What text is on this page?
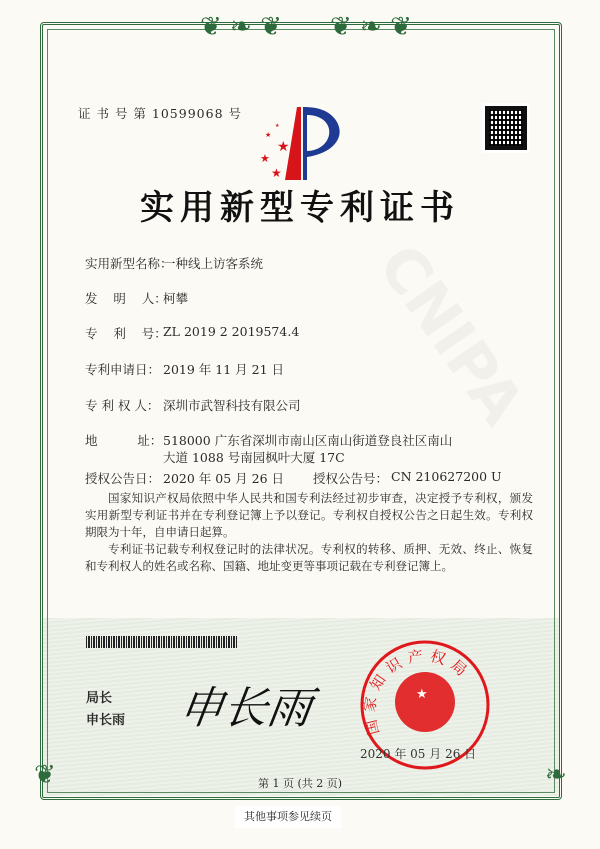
❦ ❧ ❦ ❦ ❧ ❦
❦	❧
证 书 号 第 10599068 号
★
★
★
★
★
实用新型专利证书
实用新型名称：
一种线上访客系统
发    明    人：
柯攀
专    利    号：
ZL 2019 2 2019574.4
专利申请日： 2019 年 11 月 21 日
专 利 权 人： 深圳市武智科技有限公司
地          址： 518000 广东省深圳市南山区南山街道登良社区南山大道 1088 号南园枫叶大厦 17C
授权公告日： 2020 年 05 月 26 日	授权公告号： CN 210627200 U

国家知识产权局依照中华人民共和国专利法经过初步审查，决定授予专利权，颁发实用新型专利证书并在专利登记簿上予以登记。专利权自授权公告之日起生效。专利权期限为十年，自申请日起算。

专利证书记载专利权登记时的法律状况。专利权的转移、质押、无效、终止、恢复和专利权人的姓名或名称、国籍、地址变更等事项记载在专利登记簿上。

局长
申长雨 申长雨	国家知识产权局
★
2020 年 05 月 26 日
第 1 页 (共 2 页)
其他事项参见续页
